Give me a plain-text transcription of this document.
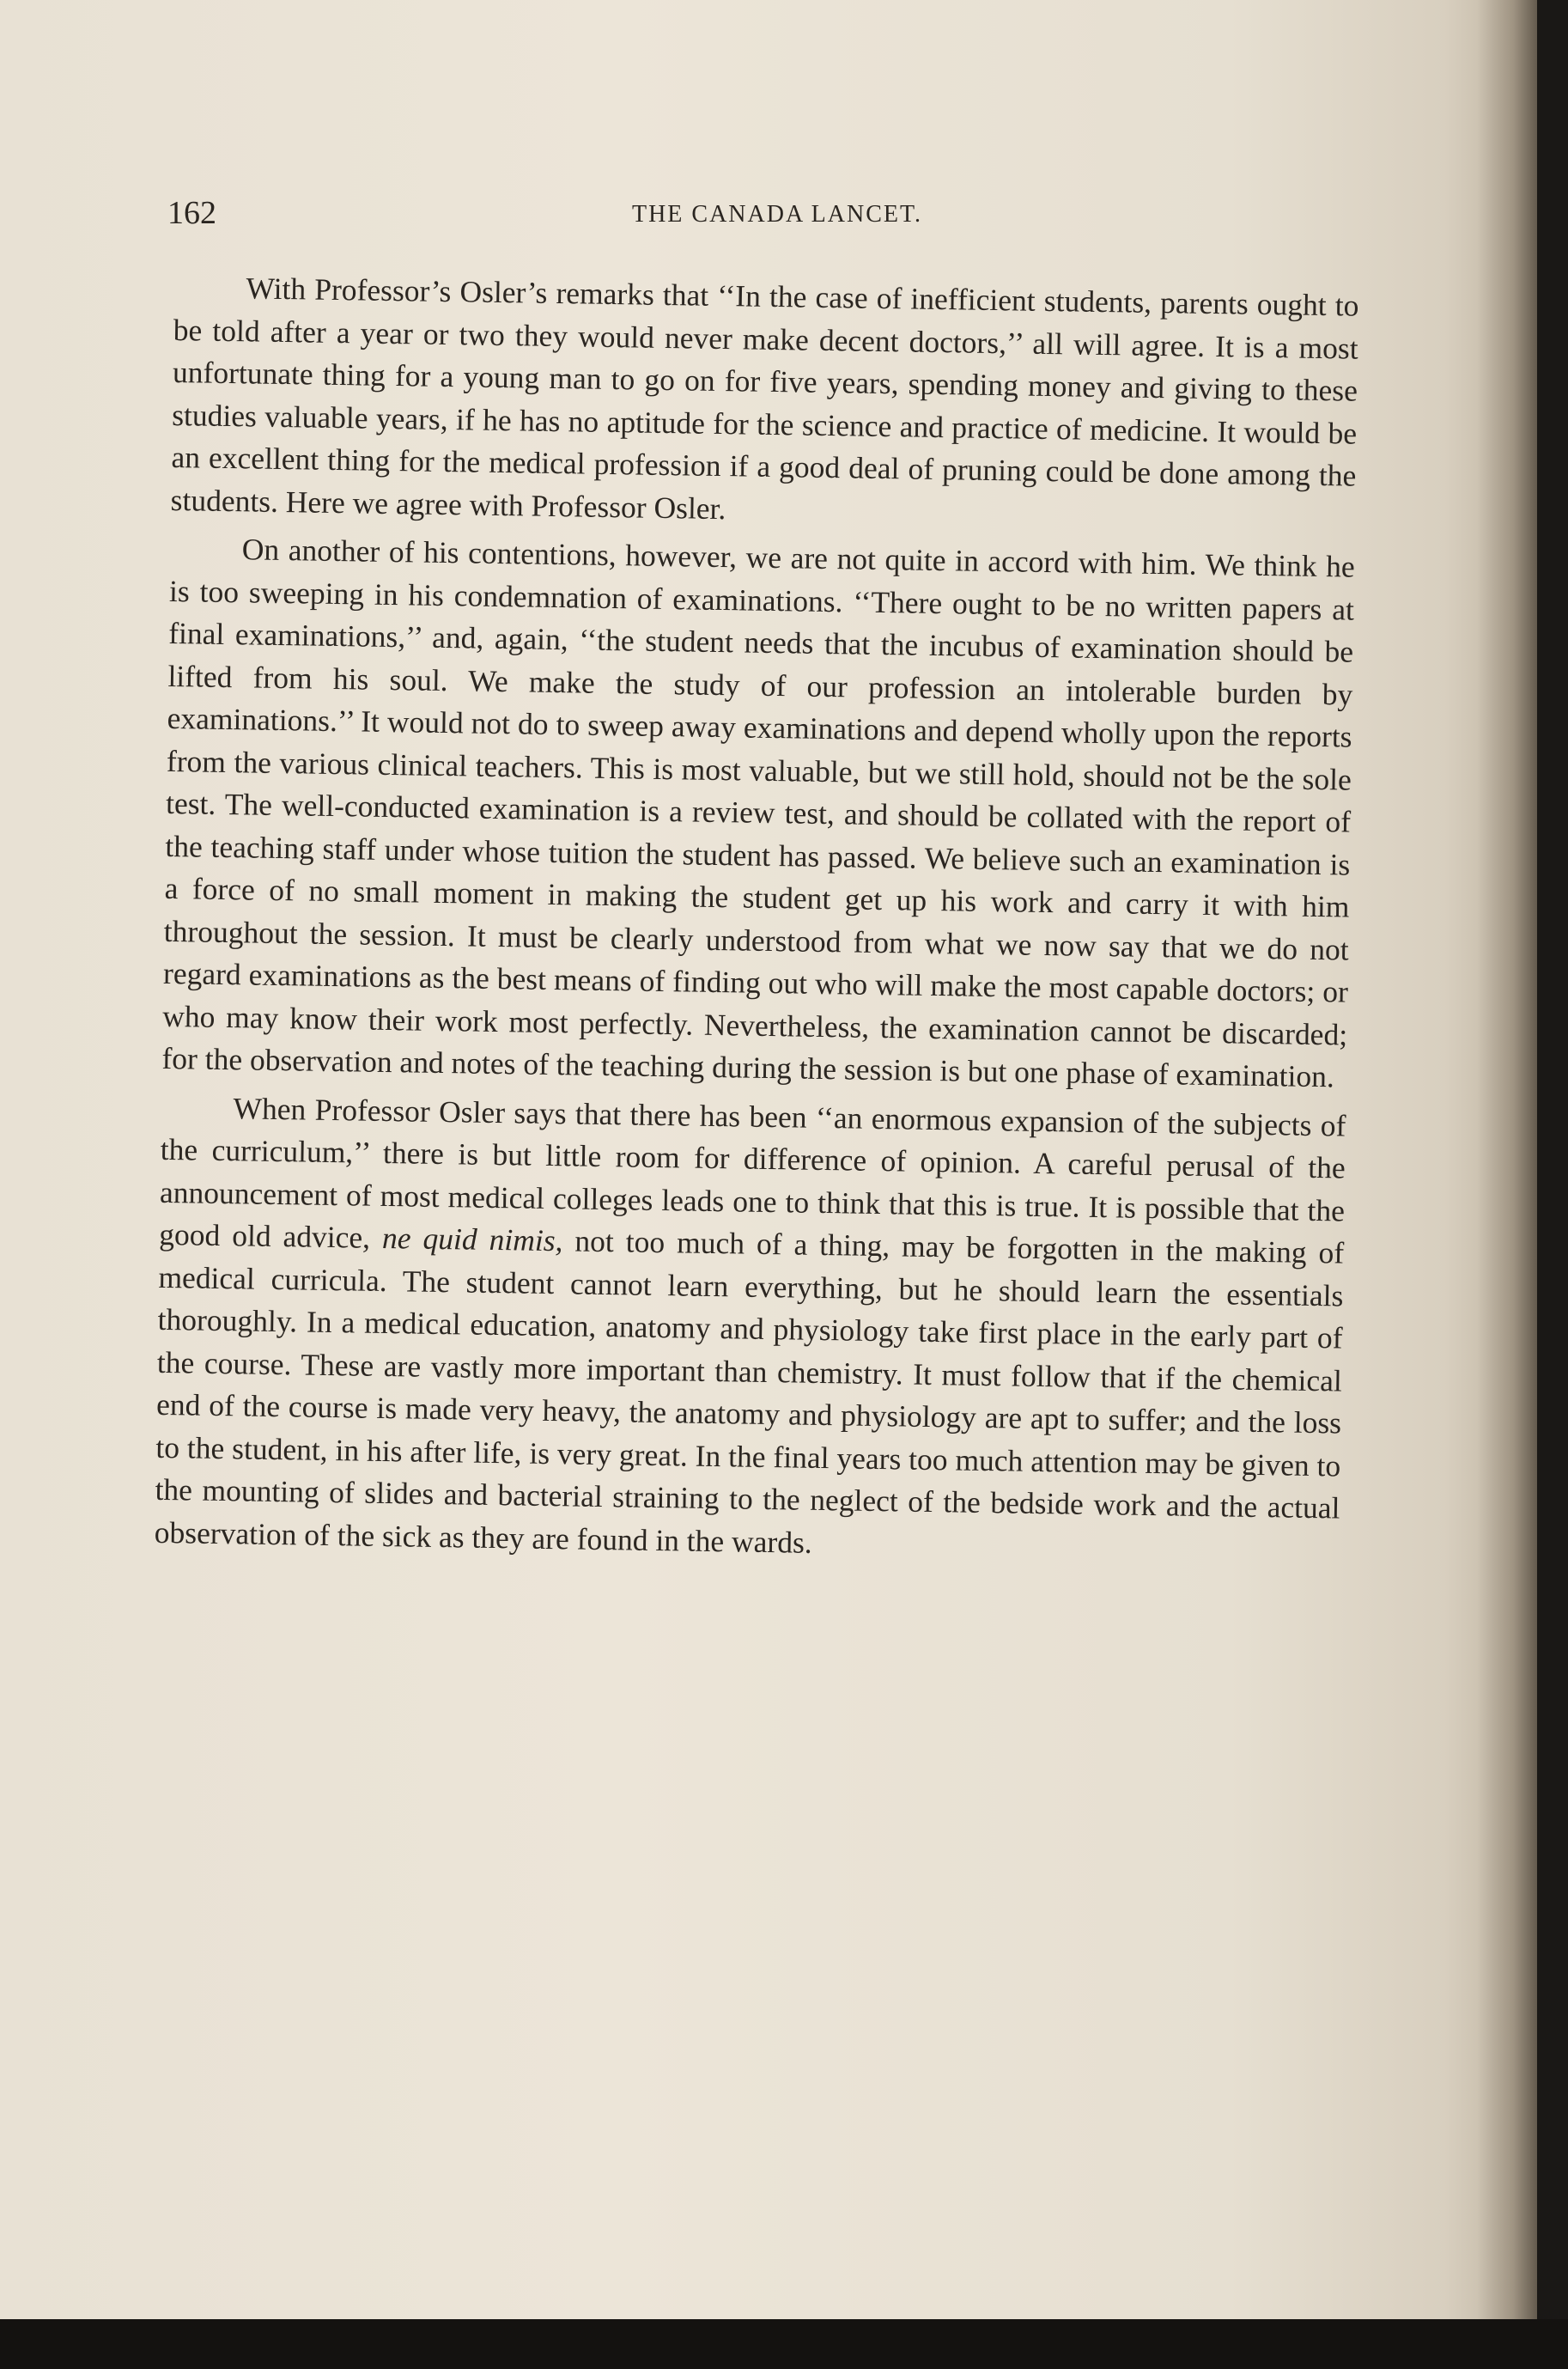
162	THE CANADA LANCET.

With Professor’s Osler’s remarks that ‘‘In the case of inefficient students, parents ought to be told after a year or two they would never make decent doctors,’’ all will agree. It is a most unfortunate thing for a young man to go on for five years, spending money and giving to these studies valuable years, if he has no aptitude for the science and practice of medicine. It would be an excellent thing for the medical profession if a good deal of pruning could be done among the students. Here we agree with Professor Osler.

On another of his contentions, however, we are not quite in accord with him. We think he is too sweeping in his condemnation of examinations. ‘‘There ought to be no written papers at final examinations,’’ and, again, ‘‘the student needs that the incubus of examination should be lifted from his soul. We make the study of our profession an intolerable burden by examinations.’’ It would not do to sweep away examinations and depend wholly upon the reports from the various clinical teachers. This is most valuable, but we still hold, should not be the sole test. The well-conducted examination is a review test, and should be collated with the report of the teaching staff under whose tuition the student has passed. We believe such an examination is a force of no small moment in making the student get up his work and carry it with him throughout the session. It must be clearly understood from what we now say that we do not regard examinations as the best means of finding out who will make the most capable doctors; or who may know their work most perfectly. Nevertheless, the examination cannot be discarded; for the observation and notes of the teaching during the session is but one phase of examination.

When Professor Osler says that there has been ‘‘an enormous expansion of the subjects of the curriculum,’’ there is but little room for difference of opinion. A careful perusal of the announcement of most medical colleges leads one to think that this is true. It is possible that the good old advice, ne quid nimis, not too much of a thing, may be forgotten in the making of medical curricula. The student cannot learn everything, but he should learn the essentials thoroughly. In a medical education, anatomy and physiology take first place in the early part of the course. These are vastly more important than chemistry. It must follow that if the chemical end of the course is made very heavy, the anatomy and physiology are apt to suffer; and the loss to the student, in his after life, is very great. In the final years too much attention may be given to the mounting of slides and bacterial straining to the neglect of the bedside work and the actual observation of the sick as they are found in the wards.
